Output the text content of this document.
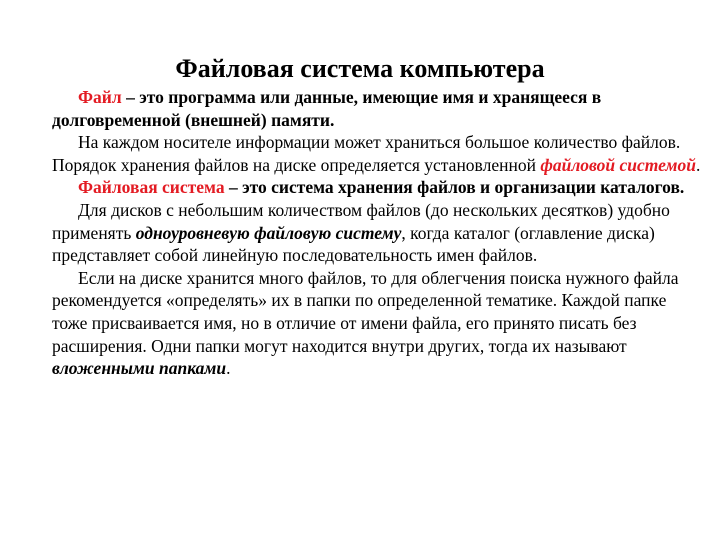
Файловая система компьютера

Файл – это программа или данные, имеющие имя и хранящееся в долговременной (внешней) памяти.

На каждом носителе информации может храниться большое количество файлов. Порядок хранения файлов на диске определяется установленной файловой системой.

Файловая система – это система хранения файлов и организации каталогов.

Для дисков с небольшим количеством файлов (до нескольких десятков) удобно применять одноуровневую файловую систему, когда каталог (оглавление диска) представляет собой линейную последовательность имен файлов.

Если на диске хранится много файлов, то для облегчения поиска нужного файла рекомендуется «определять» их в папки по определенной тематике. Каждой папке тоже присваивается имя, но в отличие от имени файла, его принято писать без расширения. Одни папки могут находится внутри других, тогда их называют вложенными папками.
